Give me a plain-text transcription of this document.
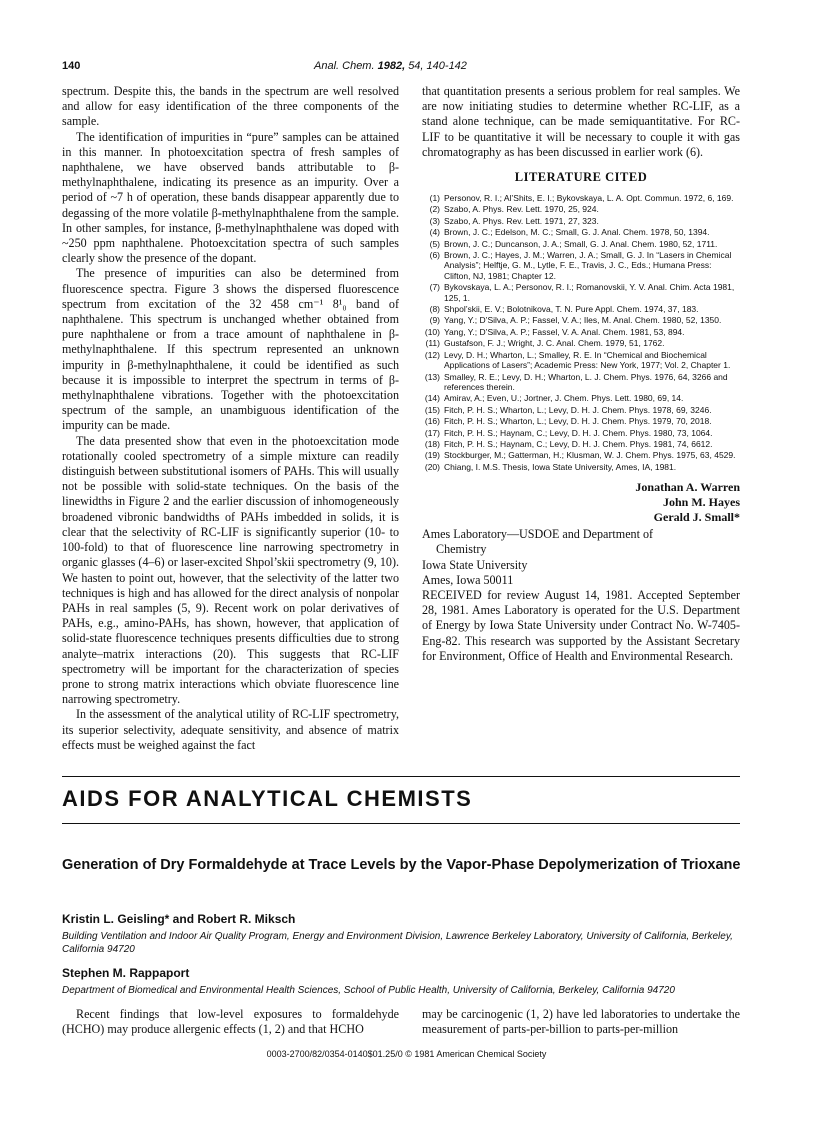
140	Anal. Chem. 1982, 54, 140-142

spectrum. Despite this, the bands in the spectrum are well resolved and allow for easy identification of the three components of the sample.

The identification of impurities in “pure” samples can be attained in this manner. In photoexcitation spectra of fresh samples of naphthalene, we have observed bands attributable to β-methylnaphthalene, indicating its presence as an impurity. Over a period of ~7 h of operation, these bands disappear apparently due to degassing of the more volatile β-methylnaphthalene from the sample. In other samples, for instance, β-methylnaphthalene was doped with ~250 ppm naphthalene. Photoexcitation spectra of such samples clearly show the presence of the dopant.

The presence of impurities can also be determined from fluorescence spectra. Figure 3 shows the dispersed fluorescence spectrum from excitation of the 32 458 cm⁻¹ 8¹₀ band of naphthalene. This spectrum is unchanged whether obtained from pure naphthalene or from a trace amount of naphthalene in β-methylnaphthalene. If this spectrum represented an unknown impurity in β-methylnaphthalene, it could be identified as such because it is impossible to interpret the spectrum in terms of β-methylnaphthalene vibrations. Together with the photoexcitation spectrum of the sample, an unambiguous identification of the impurity can be made.

The data presented show that even in the photoexcitation mode rotationally cooled spectrometry of a simple mixture can readily distinguish between substitutional isomers of PAHs. This will usually not be possible with solid-state techniques. On the basis of the linewidths in Figure 2 and the earlier discussion of inhomogeneously broadened vibronic bandwidths of PAHs imbedded in solids, it is clear that the selectivity of RC-LIF is significantly superior (10- to 100-fold) to that of fluorescence line narrowing spectrometry in organic glasses (4–6) or laser-excited Shpol’skii spectrometry (9, 10). We hasten to point out, however, that the selectivity of the latter two techniques is high and has allowed for the direct analysis of nonpolar PAHs in real samples (5, 9). Recent work on polar derivatives of PAHs, e.g., amino-PAHs, has shown, however, that application of solid-state fluorescence techniques presents difficulties due to strong analyte–matrix interactions (20). This suggests that RC-LIF spectrometry will be important for the characterization of species prone to strong matrix interactions which obviate fluorescence line narrowing spectrometry.

In the assessment of the analytical utility of RC-LIF spectrometry, its superior selectivity, adequate sensitivity, and absence of matrix effects must be weighed against the fact

that quantitation presents a serious problem for real samples. We are now initiating studies to determine whether RC-LIF, as a stand alone technique, can be made semiquantitative. For RC-LIF to be quantitative it will be necessary to couple it with gas chromatography as has been discussed in earlier work (6).

LITERATURE CITED
(1) Personov, R. I.; Al’Shits, E. I.; Bykovskaya, L. A. Opt. Commun. 1972, 6, 169.
(2) Szabo, A. Phys. Rev. Lett. 1970, 25, 924.
(3) Szabo, A. Phys. Rev. Lett. 1971, 27, 323.
(4) Brown, J. C.; Edelson, M. C.; Small, G. J. Anal. Chem. 1978, 50, 1394.
(5) Brown, J. C.; Duncanson, J. A.; Small, G. J. Anal. Chem. 1980, 52, 1711.
(6) Brown, J. C.; Hayes, J. M.; Warren, J. A.; Small, G. J. In “Lasers in Chemical Analysis”; Helftje, G. M., Lytle, F. E., Travis, J. C., Eds.; Humana Press: Clifton, NJ, 1981; Chapter 12.
(7) Bykovskaya, L. A.; Personov, R. I.; Romanovskii, Y. V. Anal. Chim. Acta 1981, 125, 1.
(8) Shpol’skii, E. V.; Bolotnikova, T. N. Pure Appl. Chem. 1974, 37, 183.
(9) Yang, Y.; D’Silva, A. P.; Fassel, V. A.; Iles, M. Anal. Chem. 1980, 52, 1350.
(10) Yang, Y.; D’Silva, A. P.; Fassel, V. A. Anal. Chem. 1981, 53, 894.
(11) Gustafson, F. J.; Wright, J. C. Anal. Chem. 1979, 51, 1762.
(12) Levy, D. H.; Wharton, L.; Smalley, R. E. In “Chemical and Biochemical Applications of Lasers”; Academic Press: New York, 1977; Vol. 2, Chapter 1.
(13) Smalley, R. E.; Levy, D. H.; Wharton, L. J. Chem. Phys. 1976, 64, 3266 and references therein.
(14) Amirav, A.; Even, U.; Jortner, J. Chem. Phys. Lett. 1980, 69, 14.
(15) Fitch, P. H. S.; Wharton, L.; Levy, D. H. J. Chem. Phys. 1978, 69, 3246.
(16) Fitch, P. H. S.; Wharton, L.; Levy, D. H. J. Chem. Phys. 1979, 70, 2018.
(17) Fitch, P. H. S.; Haynam, C.; Levy, D. H. J. Chem. Phys. 1980, 73, 1064.
(18) Fitch, P. H. S.; Haynam, C.; Levy, D. H. J. Chem. Phys. 1981, 74, 6612.
(19) Stockburger, M.; Gatterman, H.; Klusman, W. J. Chem. Phys. 1975, 63, 4529.
(20) Chiang, I. M.S. Thesis, Iowa State University, Ames, IA, 1981.
Jonathan A. Warren
John M. Hayes
Gerald J. Small*
Ames Laboratory—USDOE and Department of
Chemistry
Iowa State University
Ames, Iowa 50011

RECEIVED for review August 14, 1981. Accepted September 28, 1981. Ames Laboratory is operated for the U.S. Department of Energy by Iowa State University under Contract No. W-7405-Eng-82. This research was supported by the Assistant Secretary for Environment, Office of Health and Environmental Research.

AIDS FOR ANALYTICAL CHEMISTS
Generation of Dry Formaldehyde at Trace Levels by the Vapor-Phase Depolymerization of Trioxane
Kristin L. Geisling* and Robert R. Miksch
Building Ventilation and Indoor Air Quality Program, Energy and Environment Division, Lawrence Berkeley Laboratory, University of California, Berkeley, California 94720
Stephen M. Rappaport
Department of Biomedical and Environmental Health Sciences, School of Public Health, University of California, Berkeley, California 94720
Recent findings that low-level exposures to formaldehyde (HCHO) may produce allergenic effects (1, 2) and that HCHO
may be carcinogenic (1, 2) have led laboratories to undertake the measurement of parts-per-billion to parts-per-million
0003-2700/82/0354-0140$01.25/0 © 1981 American Chemical Society
